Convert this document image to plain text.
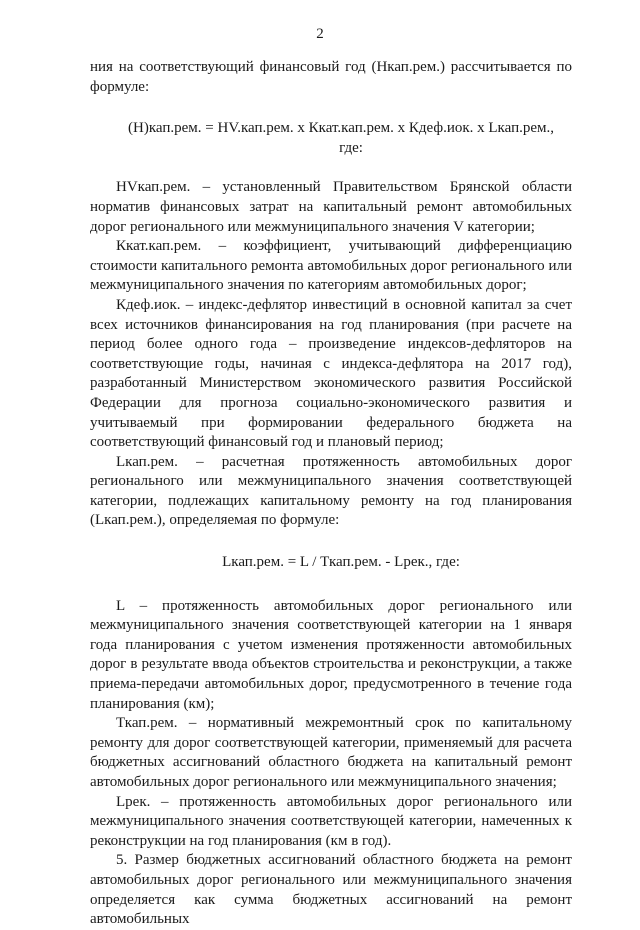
2

ния на соответствующий финансовый год (Нкап.рем.) рассчитывается по формуле:

(Н)кап.рем. = НV.кап.рем. x Ккат.кап.рем. x Кдеф.иок. x Lкап.рем.,

где:

НVкап.рем. – установленный Правительством Брянской области норматив финансовых затрат на капитальный ремонт автомобильных дорог регионального или межмуниципального значения V категории;

Ккат.кап.рем. – коэффициент, учитывающий дифференциацию стоимости капитального ремонта автомобильных дорог регионального или межмуниципального значения по категориям автомобильных дорог;

Кдеф.иок. – индекс-дефлятор инвестиций в основной капитал за счет всех источников финансирования на год планирования (при расчете на период более одного года – произведение индексов-дефляторов на соответствующие годы, начиная с индекса-дефлятора на 2017 год), разработанный Министерством экономического развития Российской Федерации для прогноза социально-экономического развития и учитываемый при формировании федерального бюджета на соответствующий финансовый год и плановый период;

Lкап.рем. – расчетная протяженность автомобильных дорог регионального или межмуниципального значения соответствующей категории, подлежащих капитальному ремонту на год планирования (Lкап.рем.), определяемая по формуле:

Lкап.рем. = L / Ткап.рем. - Lрек., где:

L – протяженность автомобильных дорог регионального или межмуниципального значения соответствующей категории на 1 января года планирования с учетом изменения протяженности автомобильных дорог в результате ввода объектов строительства и реконструкции, а также приема-передачи автомобильных дорог, предусмотренного в течение года планирования (км);

Ткап.рем. – нормативный межремонтный срок по капитальному ремонту для дорог соответствующей категории, применяемый для расчета бюджетных ассигнований областного бюджета на капитальный ремонт автомобильных дорог регионального или межмуниципального значения;

Lрек. – протяженность автомобильных дорог регионального или межмуниципального значения соответствующей категории, намеченных к реконструкции на год планирования (км в год).

5. Размер бюджетных ассигнований областного бюджета на ремонт автомобильных дорог регионального или межмуниципального значения определяется как сумма бюджетных ассигнований на ремонт автомобильных
